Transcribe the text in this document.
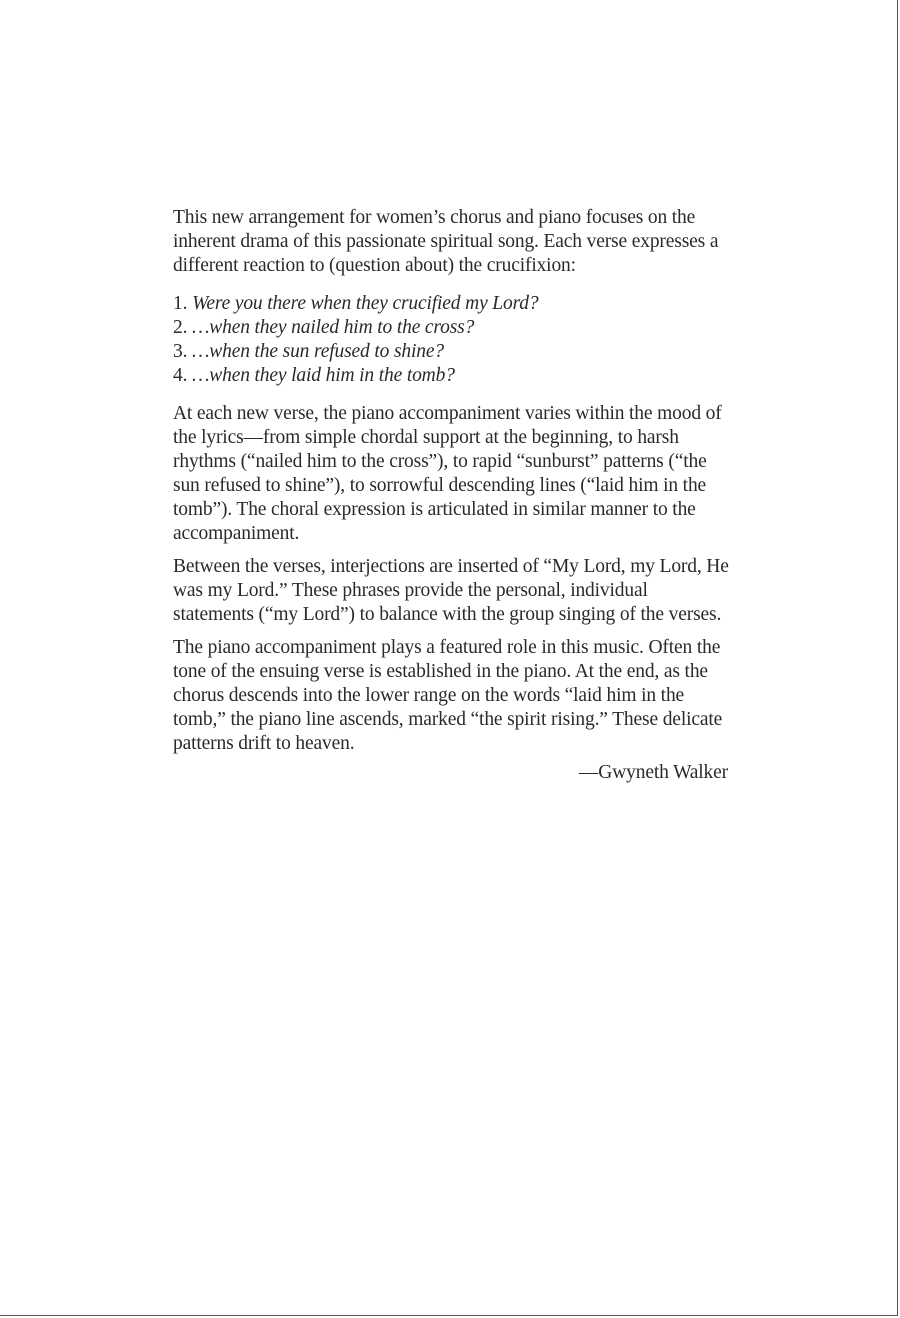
This new arrangement for women’s chorus and piano focuses on the inherent drama of this passionate spiritual song. Each verse expresses a different reaction to (question about) the crucifixion:

1. Were you there when they crucified my Lord?
2. …when they nailed him to the cross?
3. …when the sun refused to shine?
4. …when they laid him in the tomb?

At each new verse, the piano accompaniment varies within the mood of the lyrics—from simple chordal support at the beginning, to harsh rhythms (“nailed him to the cross”), to rapid “sunburst” patterns (“the sun refused to shine”), to sorrowful descending lines (“laid him in the tomb”). The choral expression is articulated in similar manner to the accompaniment.

Between the verses, interjections are inserted of “My Lord, my Lord, He was my Lord.” These phrases provide the personal, individual statements (“my Lord”) to balance with the group singing of the verses.

The piano accompaniment plays a featured role in this music. Often the tone of the ensuing verse is established in the piano. At the end, as the chorus descends into the lower range on the words “laid him in the tomb,” the piano line ascends, marked “the spirit rising.” These delicate patterns drift to heaven.

—Gwyneth Walker
